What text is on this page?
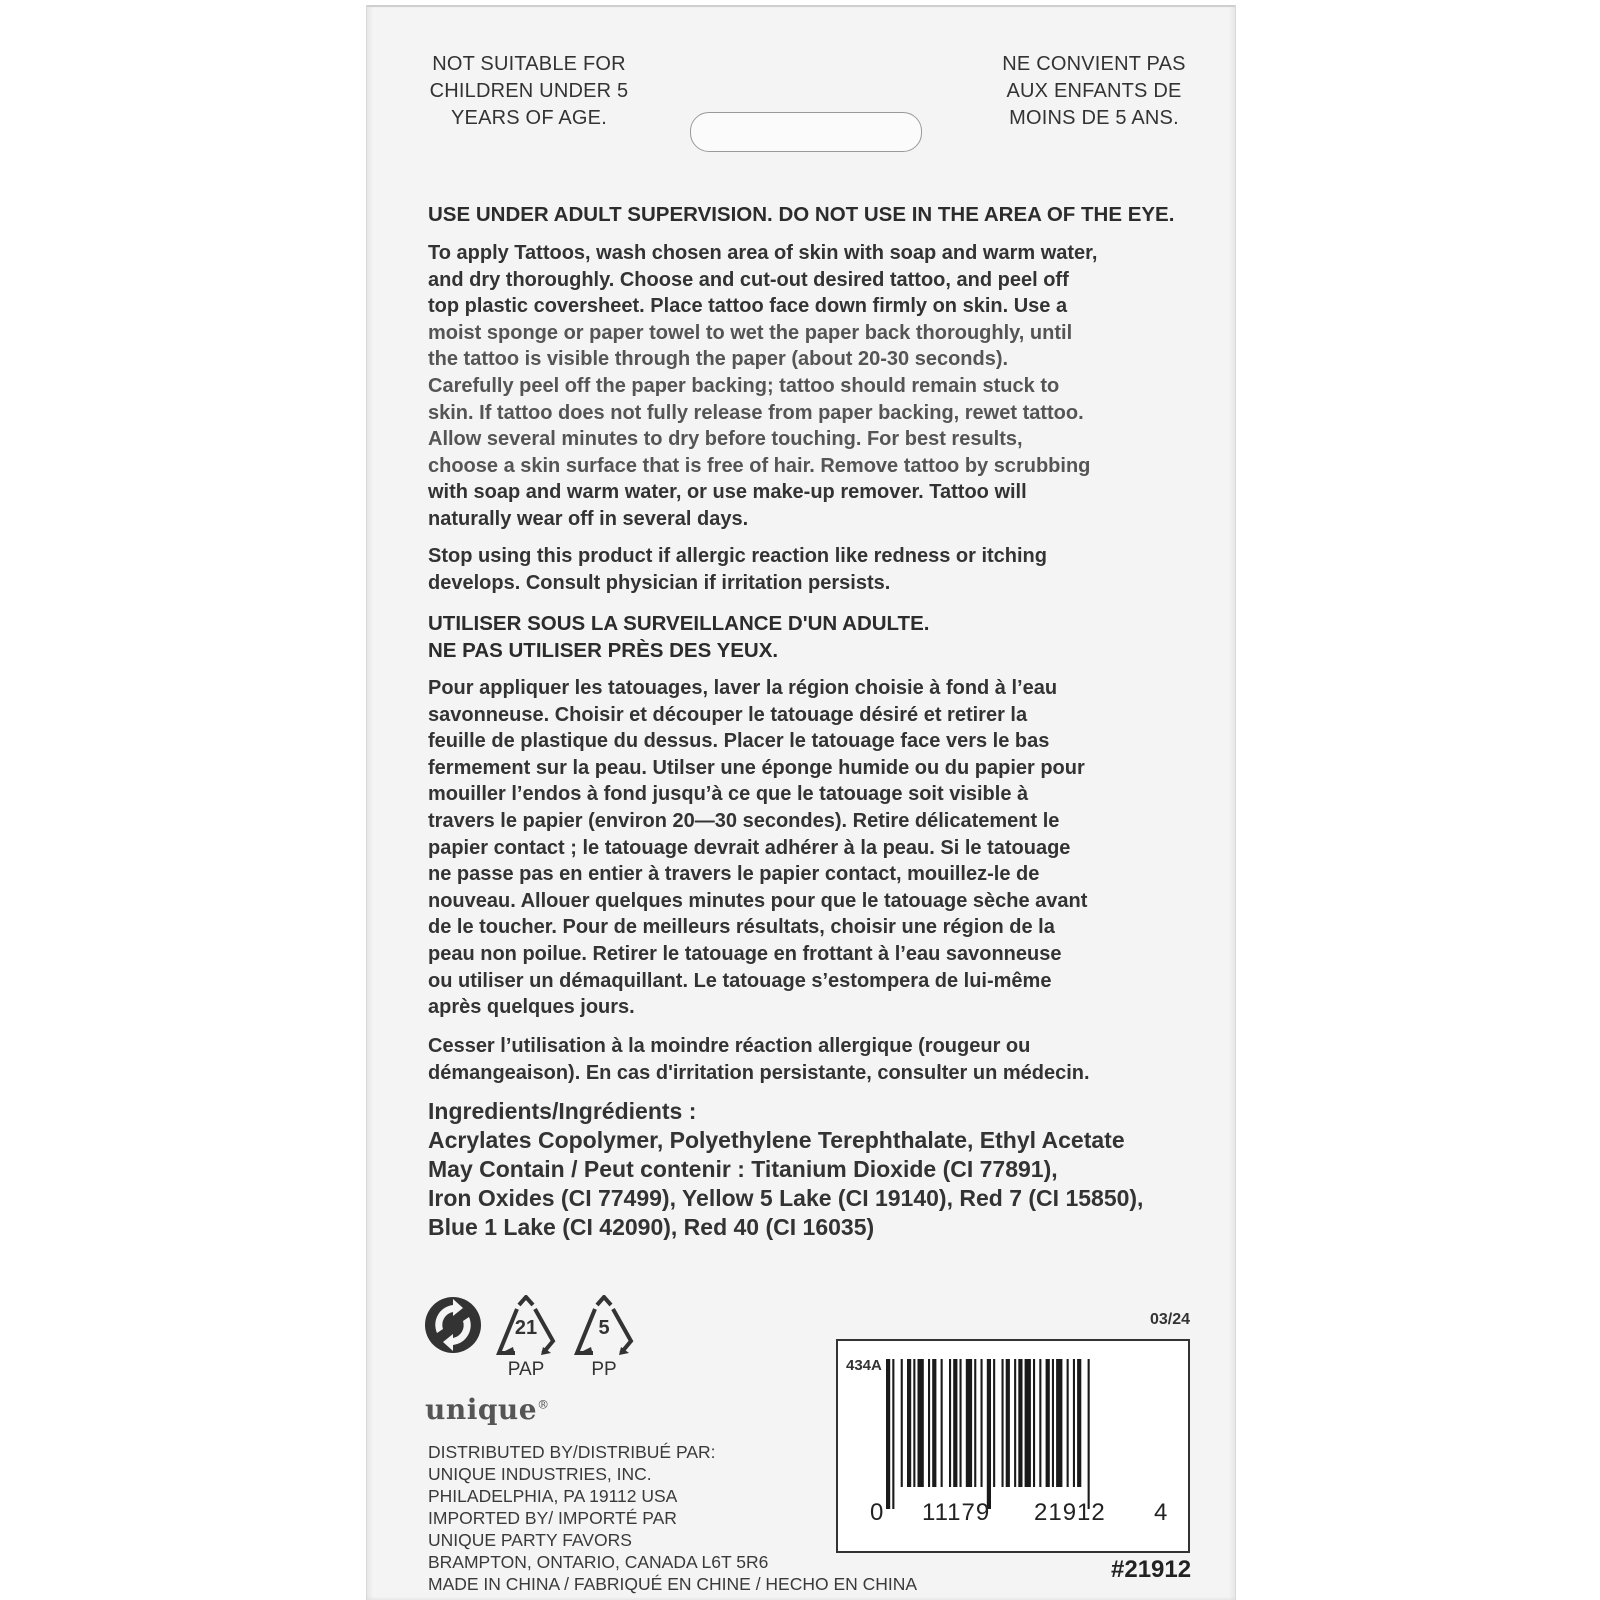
NOT SUITABLE FOR
CHILDREN UNDER 5
YEARS OF AGE.
NE CONVIENT PAS
AUX ENFANTS DE
MOINS DE 5 ANS.

USE UNDER ADULT SUPERVISION. DO NOT USE IN THE AREA OF THE EYE.

To apply Tattoos, wash chosen area of skin with soap and warm water,
and dry thoroughly. Choose and cut-out desired tattoo, and peel off
top plastic coversheet. Place tattoo face down firmly on skin. Use a
moist sponge or paper towel to wet the paper back thoroughly, until
the tattoo is visible through the paper (about 20-30 seconds).
Carefully peel off the paper backing; tattoo should remain stuck to
skin. If tattoo does not fully release from paper backing, rewet tattoo.
Allow several minutes to dry before touching. For best results,
choose a skin surface that is free of hair. Remove tattoo by scrubbing
with soap and warm water, or use make-up remover. Tattoo will
naturally wear off in several days.

Stop using this product if allergic reaction like redness or itching
develops. Consult physician if irritation persists.

UTILISER SOUS LA SURVEILLANCE D'UN ADULTE.
NE PAS UTILISER PRÈS DES YEUX.

Pour appliquer les tatouages, laver la région choisie à fond à l’eau
savonneuse. Choisir et découper le tatouage désiré et retirer la
feuille de plastique du dessus. Placer le tatouage face vers le bas
fermement sur la peau. Utilser une éponge humide ou du papier pour
mouiller l’endos à fond jusqu’à ce que le tatouage soit visible à
travers le papier (environ 20—30 secondes). Retire délicatement le
papier contact ; le tatouage devrait adhérer à la peau. Si le tatouage
ne passe pas en entier à travers le papier contact, mouillez-le de
nouveau. Allouer quelques minutes pour que le tatouage sèche avant
de le toucher. Pour de meilleurs résultats, choisir une région de la
peau non poilue. Retirer le tatouage en frottant à l’eau savonneuse
ou utiliser un démaquillant. Le tatouage s’estompera de lui-même
après quelques jours.

Cesser l’utilisation à la moindre réaction allergique (rougeur ou
démangeaison). En cas d'irritation persistante, consulter un médecin.

Ingredients/Ingrédients :

Acrylates Copolymer, Polyethylene Terephthalate, Ethyl Acetate
May Contain / Peut contenir : Titanium Dioxide (CI 77891),
Iron Oxides (CI 77499), Yellow 5 Lake (CI 19140), Red 7 (CI 15850),
Blue 1 Lake (CI 42090), Red 40 (CI 16035)

21
PAP
5
PP
unique®
DISTRIBUTED BY/DISTRIBUÉ PAR:
UNIQUE INDUSTRIES, INC.
PHILADELPHIA, PA 19112 USA
IMPORTED BY/ IMPORTÉ PAR
UNIQUE PARTY FAVORS
BRAMPTON, ONTARIO, CANADA L6T 5R6
MADE IN CHINA / FABRIQUÉ EN CHINE / HECHO EN CHINA
03/24
434A
0 11179 21912 4
#21912
